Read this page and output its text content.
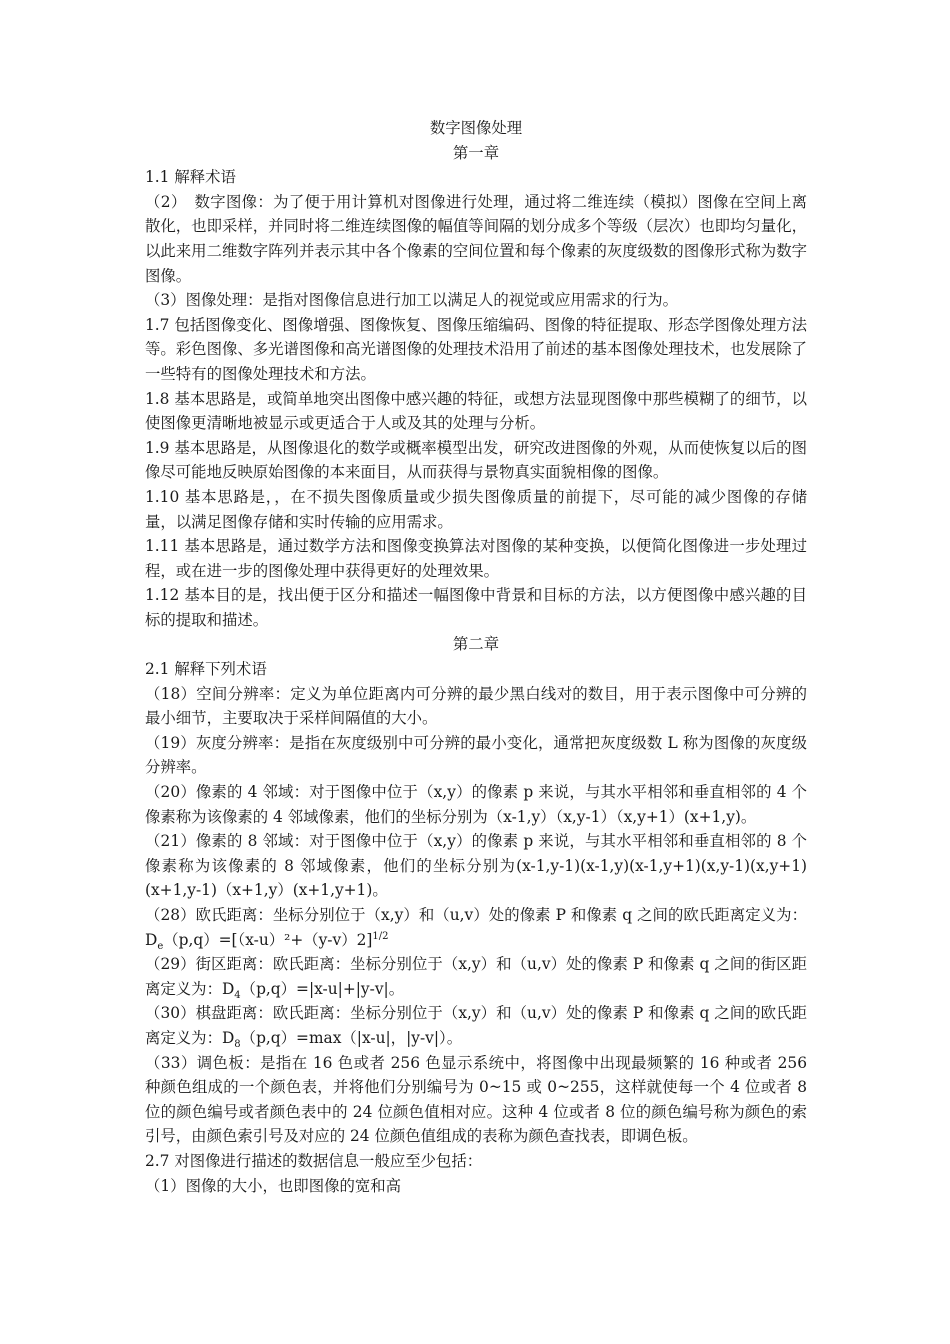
数字图像处理

第一章

1.1 解释术语

（2）　数字图像：为了便于用计算机对图像进行处理，通过将二维连续（模拟）图像在空间上离散化，也即采样，并同时将二维连续图像的幅值等间隔的划分成多个等级（层次）也即均匀量化，以此来用二维数字阵列并表示其中各个像素的空间位置和每个像素的灰度级数的图像形式称为数字图像。

（3）图像处理：是指对图像信息进行加工以满足人的视觉或应用需求的行为。

1.7 包括图像变化、图像增强、图像恢复、图像压缩编码、图像的特征提取、形态学图像处理方法等。彩色图像、多光谱图像和高光谱图像的处理技术沿用了前述的基本图像处理技术，也发展除了一些特有的图像处理技术和方法。

1.8 基本思路是，或简单地突出图像中感兴趣的特征，或想方法显现图像中那些模糊了的细节，以使图像更清晰地被显示或更适合于人或及其的处理与分析。

1.9 基本思路是，从图像退化的数学或概率模型出发，研究改进图像的外观，从而使恢复以后的图像尽可能地反映原始图像的本来面目，从而获得与景物真实面貌相像的图像。

1.10 基本思路是，，在不损失图像质量或少损失图像质量的前提下，尽可能的减少图像的存储量，以满足图像存储和实时传输的应用需求。

1.11 基本思路是，通过数学方法和图像变换算法对图像的某种变换，以便简化图像进一步处理过程，或在进一步的图像处理中获得更好的处理效果。

1.12 基本目的是，找出便于区分和描述一幅图像中背景和目标的方法，以方便图像中感兴趣的目标的提取和描述。

第二章

2.1 解释下列术语

（18）空间分辨率：定义为单位距离内可分辨的最少黑白线对的数目，用于表示图像中可分辨的最小细节，主要取决于采样间隔值的大小。

（19）灰度分辨率：是指在灰度级别中可分辨的最小变化，通常把灰度级数 L 称为图像的灰度级分辨率。

（20）像素的 4 邻域：对于图像中位于（x,y）的像素 p 来说，与其水平相邻和垂直相邻的 4 个像素称为该像素的 4 邻域像素，他们的坐标分别为（x-1,y）（x,y-1）（x,y+1）(x+1,y)。

（21）像素的 8 邻域：对于图像中位于（x,y）的像素 p 来说，与其水平相邻和垂直相邻的 8 个像素称为该像素的 8 邻域像素，他们的坐标分别为(x-1,y-1)(x-1,y)(x-1,y+1)(x,y-1)(x,y+1)(x+1,y-1)（x+1,y）(x+1,y+1)。

（28）欧氏距离：坐标分别位于（x,y）和（u,v）处的像素 P 和像素 q 之间的欧氏距离定义为：$D_e(p,q)=[(x-u)^2+(y-v)2]^{1/2}$

（29）街区距离：欧氏距离：坐标分别位于（x,y）和（u,v）处的像素 P 和像素 q 之间的街区距离定义为：$D_4(p,q)=|x-u|+|y-v|$。

（30）棋盘距离：欧氏距离：坐标分别位于（x,y）和（u,v）处的像素 P 和像素 q 之间的欧氏距离定义为：$D_8(p,q)=\max(|x-u|$，|y-v|）。

（33）调色板：是指在 16 色或者 256 色显示系统中，将图像中出现最频繁的 16 种或者 256 种颜色组成的一个颜色表，并将他们分别编号为 0~15 或 0~255，这样就使每一个 4 位或者 8 位的颜色编号或者颜色表中的 24 位颜色值相对应。这种 4 位或者 8 位的颜色编号称为颜色的索引号，由颜色索引号及对应的 24 位颜色值组成的表称为颜色查找表，即调色板。

2.7 对图像进行描述的数据信息一般应至少包括：

（1）图像的大小，也即图像的宽和高
